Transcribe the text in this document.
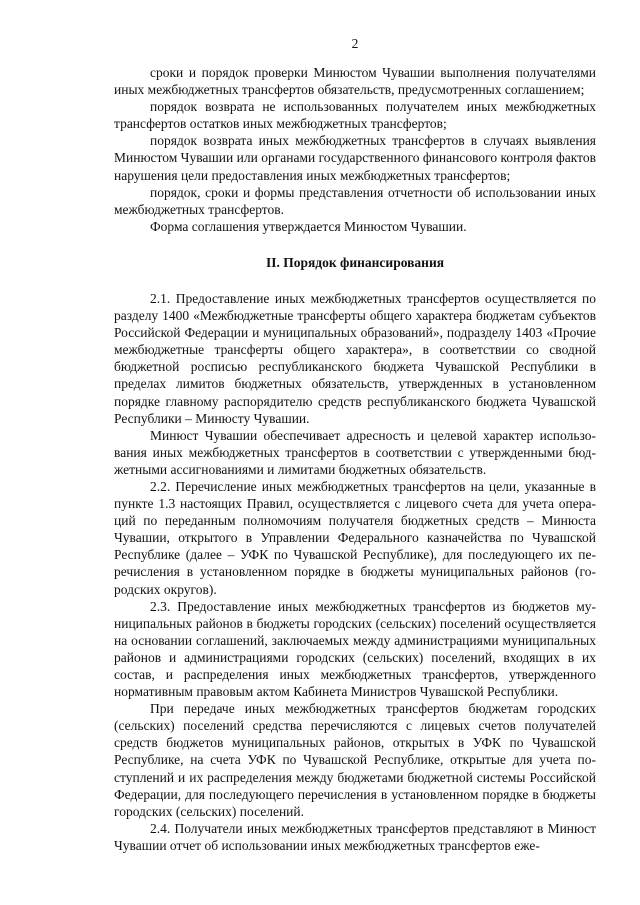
2

сроки и порядок проверки Минюстом Чувашии выполнения получателями иных межбюджетных трансфертов обязательств, предусмотренных соглашением;

порядок возврата не использованных получателем иных межбюджетных трансфертов остатков иных межбюджетных трансфертов;

порядок возврата иных межбюджетных трансфертов в случаях выявления Минюстом Чувашии или органами государственного финансового контроля фактов нарушения цели предоставления иных межбюджетных трансфертов;

порядок, сроки и формы представления отчетности об использовании иных межбюджетных трансфертов.

Форма соглашения утверждается Минюстом Чувашии.

II. Порядок финансирования

2.1. Предоставление иных межбюджетных трансфертов осуществляется по разделу 1400 «Межбюджетные трансферты общего характера бюджетам субъектов Российской Федерации и муниципальных образований», подразделу 1403 «Прочие межбюджетные трансферты общего характера», в соответствии со сводной бюджетной росписью республиканского бюджета Чувашской Республики в пределах лимитов бюджетных обязательств, утвержденных в установленном порядке главному распорядителю средств республиканского бюджета Чувашской Республики – Минюсту Чувашии.

Минюст Чувашии обеспечивает адресность и целевой характер использования иных межбюджетных трансфертов в соответствии с утвержденными бюджетными ассигнованиями и лимитами бюджетных обязательств.

2.2. Перечисление иных межбюджетных трансфертов на цели, указанные в пункте 1.3 настоящих Правил, осуществляется с лицевого счета для учета операций по переданным полномочиям получателя бюджетных средств – Минюста Чувашии, открытого в Управлении Федерального казначейства по Чувашской Республике (далее – УФК по Чувашской Республике), для последующего их перечисления в установленном порядке в бюджеты муниципальных районов (городских округов).

2.3. Предоставление иных межбюджетных трансфертов из бюджетов муниципальных районов в бюджеты городских (сельских) поселений осуществляется на основании соглашений, заключаемых между администрациями муниципальных районов и администрациями городских (сельских) поселений, входящих в их состав, и распределения иных межбюджетных трансфертов, утвержденного нормативным правовым актом Кабинета Министров Чувашской Республики.

При передаче иных межбюджетных трансфертов бюджетам городских (сельских) поселений средства перечисляются с лицевых счетов получателей средств бюджетов муниципальных районов, открытых в УФК по Чувашской Республике, на счета УФК по Чувашской Республике, открытые для учета поступлений и их распределения между бюджетами бюджетной системы Российской Федерации, для последующего перечисления в установленном порядке в бюджеты городских (сельских) поселений.

2.4. Получатели иных межбюджетных трансфертов представляют в Минюст Чувашии отчет об использовании иных межбюджетных трансфертов еже-
